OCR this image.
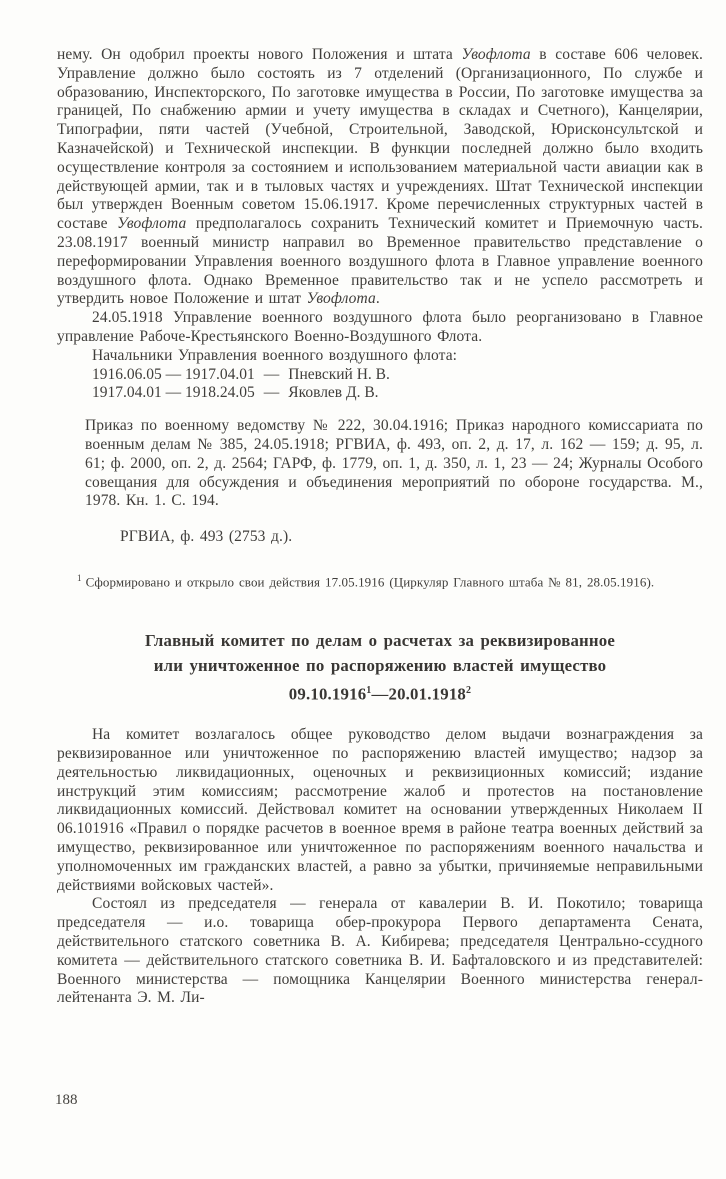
нему. Он одобрил проекты нового Положения и штата Увофлота в составе 606 человек. Управление должно было состоять из 7 отделений (Организационного, По службе и образованию, Инспекторского, По заготовке имущества в России, По заготовке имущества за границей, По снабжению армии и учету имущества в складах и Счетного), Канцелярии, Типографии, пяти частей (Учебной, Строительной, Заводской, Юрисконсультской и Казначейской) и Технической инспекции. В функции последней должно было входить осуществление контроля за состоянием и использованием материальной части авиации как в действующей армии, так и в тыловых частях и учреждениях. Штат Технической инспекции был утвержден Военным советом 15.06.1917. Кроме перечисленных структурных частей в составе Увофлота предполагалось сохранить Технический комитет и Приемочную часть. 23.08.1917 военный министр направил во Временное правительство представление о переформировании Управления военного воздушного флота в Главное управление военного воздушного флота. Однако Временное правительство так и не успело рассмотреть и утвердить новое Положение и штат Увофлота.

24.05.1918 Управление военного воздушного флота было реорганизовано в Главное управление Рабоче-Крестьянского Военно-Воздушного Флота.

Начальники Управления военного воздушного флота:

1916.06.05 — 1917.04.01 — Пневский Н. В.
1917.04.01 — 1918.24.05 — Яковлев Д. В.

Приказ по военному ведомству № 222, 30.04.1916; Приказ народного комиссариата по военным делам № 385, 24.05.1918; РГВИА, ф. 493, оп. 2, д. 17, л. 162 — 159; д. 95, л. 61; ф. 2000, оп. 2, д. 2564; ГАРФ, ф. 1779, оп. 1, д. 350, л. 1, 23 — 24; Журналы Особого совещания для обсуждения и объединения мероприятий по обороне государства. М., 1978. Кн. 1. С. 194.

РГВИА, ф. 493 (2753 д.).

$^1$ Сформировано и открыло свои действия 17.05.1916 (Циркуляр Главного штаба № 81, 28.05.1916).

Главный комитет по делам о расчетах за реквизированное
или уничтоженное по распоряжению властей имущество
09.10.1916$^1$—20.01.1918$^2$

На комитет возлагалось общее руководство делом выдачи вознаграждения за реквизированное или уничтоженное по распоряжению властей имущество; надзор за деятельностью ликвидационных, оценочных и реквизиционных комиссий; издание инструкций этим комиссиям; рассмотрение жалоб и протестов на постановление ликвидационных комиссий. Действовал комитет на основании утвержденных Николаем II 06.101916 «Правил о порядке расчетов в военное время в районе театра военных действий за имущество, реквизированное или уничтоженное по распоряжениям военного начальства и уполномоченных им гражданских властей, а равно за убытки, причиняемые неправильными действиями войсковых частей».

Состоял из председателя — генерала от кавалерии В. И. Покотило; товарища председателя — и.о. товарища обер-прокурора Первого департамента Сената, действительного статского советника В. А. Кибирева; председателя Центрально-ссудного комитета — действительного статского советника В. И. Бафталовского и из представителей: Военного министерства — помощника Канцелярии Военного министерства генерал-лейтенанта Э. М. Ли-

188
